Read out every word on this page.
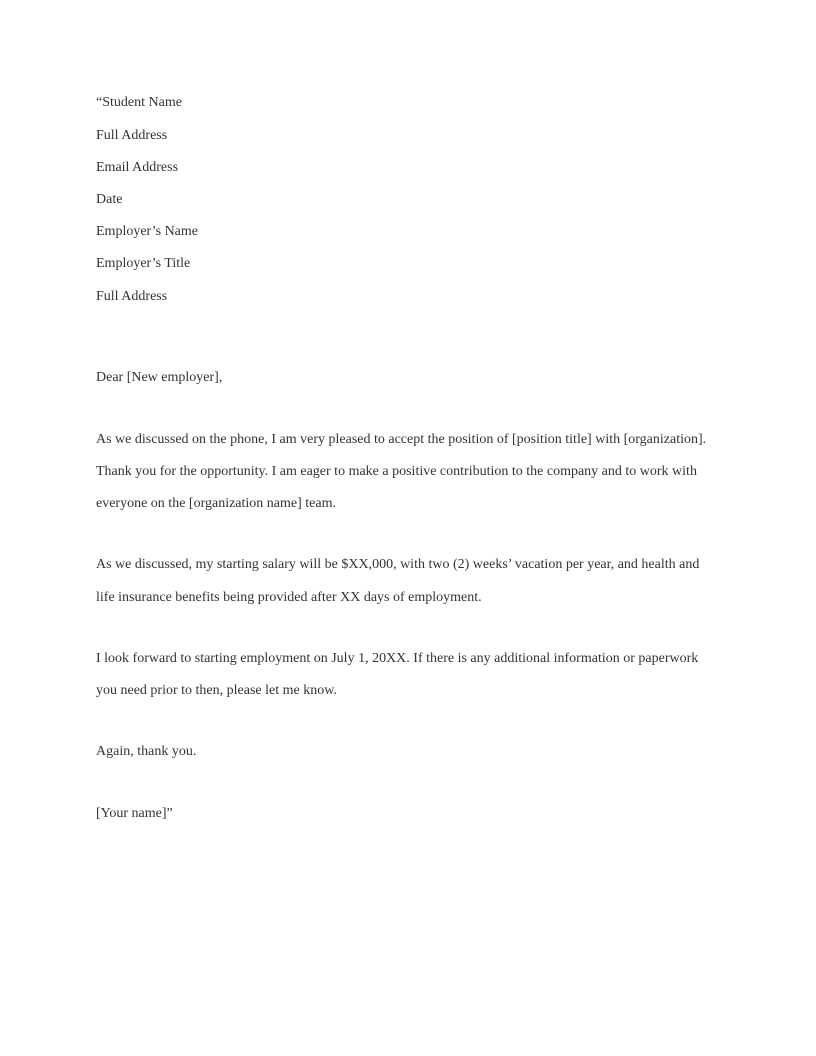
“Student Name

Full Address

Email Address

Date

Employer’s Name

Employer’s Title

Full Address

Dear [New employer],

As we discussed on the phone, I am very pleased to accept the position of [position title] with [organization].

Thank you for the opportunity. I am eager to make a positive contribution to the company and to work with

everyone on the [organization name] team.

As we discussed, my starting salary will be $XX,000, with two (2) weeks’ vacation per year, and health and

life insurance benefits being provided after XX days of employment.

I look forward to starting employment on July 1, 20XX. If there is any additional information or paperwork

you need prior to then, please let me know.

Again, thank you.

[Your name]”
